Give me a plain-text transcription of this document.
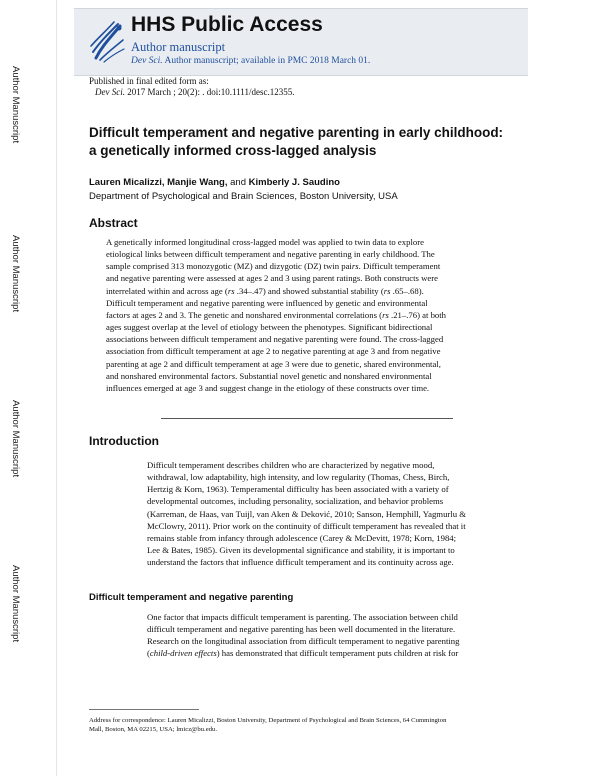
Author Manuscript
Author Manuscript
Author Manuscript
Author Manuscript
HHS Public Access
Author manuscript
Dev Sci. Author manuscript; available in PMC 2018 March 01.
Published in final edited form as:
Dev Sci. 2017 March ; 20(2): . doi:10.1111/desc.12355.
Difficult temperament and negative parenting in early childhood:
a genetically informed cross-lagged analysis
Lauren Micalizzi, Manjie Wang, and Kimberly J. Saudino
Department of Psychological and Brain Sciences, Boston University, USA
Abstract
A genetically informed longitudinal cross-lagged model was applied to twin data to explore
etiological links between difficult temperament and negative parenting in early childhood. The
sample comprised 313 monozygotic (MZ) and dizygotic (DZ) twin pairs. Difficult temperament
and negative parenting were assessed at ages 2 and 3 using parent ratings. Both constructs were
interrelated within and across age (rs .34–.47) and showed substantial stability (rs .65–.68).
Difficult temperament and negative parenting were influenced by genetic and environmental
factors at ages 2 and 3. The genetic and nonshared environmental correlations (rs .21–.76) at both
ages suggest overlap at the level of etiology between the phenotypes. Significant bidirectional
associations between difficult temperament and negative parenting were found. The cross-lagged
association from difficult temperament at age 2 to negative parenting at age 3 and from negative
parenting at age 2 and difficult temperament at age 3 were due to genetic, shared environmental,
and nonshared environmental factors. Substantial novel genetic and nonshared environmental
influences emerged at age 3 and suggest change in the etiology of these constructs over time.
Introduction
Difficult temperament describes children who are characterized by negative mood,
withdrawal, low adaptability, high intensity, and low regularity (Thomas, Chess, Birch,
Hertzig & Korn, 1963). Temperamental difficulty has been associated with a variety of
developmental outcomes, including personality, socialization, and behavior problems
(Karreman, de Haas, van Tuijl, van Aken & Deković, 2010; Sanson, Hemphill, Yagmurlu &
McClowry, 2011). Prior work on the continuity of difficult temperament has revealed that it
remains stable from infancy through adolescence (Carey & McDevitt, 1978; Korn, 1984;
Lee & Bates, 1985). Given its developmental significance and stability, it is important to
understand the factors that influence difficult temperament and its continuity across age.
Difficult temperament and negative parenting
One factor that impacts difficult temperament is parenting. The association between child
difficult temperament and negative parenting has been well documented in the literature.
Research on the longitudinal association from difficult temperament to negative parenting
(child-driven effects) has demonstrated that difficult temperament puts children at risk for
Address for correspondence: Lauren Micalizzi, Boston University, Department of Psychological and Brain Sciences, 64 Cummington
Mall, Boston, MA 02215, USA; lmicz@bu.edu.
